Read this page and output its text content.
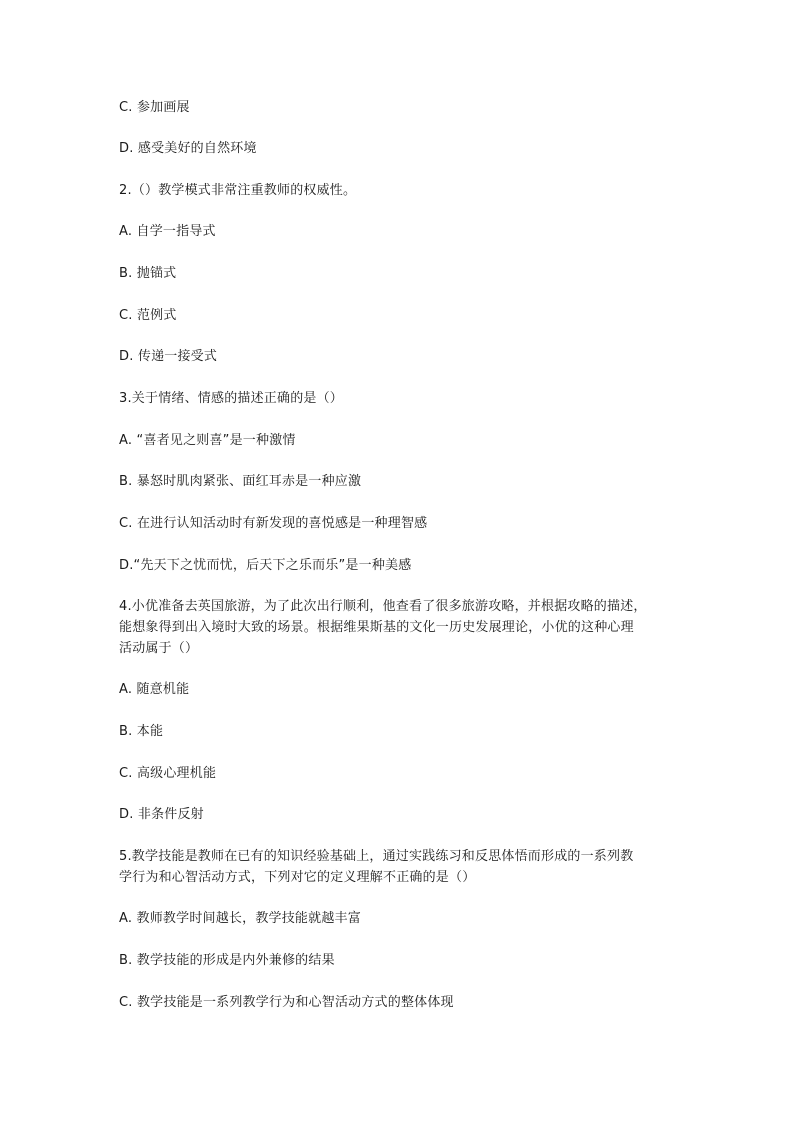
C. 参加画展
D. 感受美好的自然环境
2.（）教学模式非常注重教师的权威性。
A. 自学一指导式
B. 抛锚式
C. 范例式
D. 传递一接受式
3.关于情绪、情感的描述正确的是（）
A. “喜者见之则喜”是一种激情
B. 暴怒时肌肉紧张、面红耳赤是一种应激
C. 在进行认知活动时有新发现的喜悦感是一种理智感
D.“先天下之忧而忧，后天下之乐而乐”是一种美感
4.小优准备去英国旅游，为了此次出行顺利，他查看了很多旅游攻略，并根据攻略的描述，
能想象得到出入境时大致的场景。根据维果斯基的文化一历史发展理论，小优的这种心理
活动属于（）
A. 随意机能
B. 本能
C. 高级心理机能
D. 非条件反射
5.教学技能是教师在已有的知识经验基础上，通过实践练习和反思体悟而形成的一系列教
学行为和心智活动方式，下列对它的定义理解不正确的是（）
A. 教师教学时间越长，教学技能就越丰富
B. 教学技能的形成是内外兼修的结果
C. 教学技能是一系列教学行为和心智活动方式的整体体现
